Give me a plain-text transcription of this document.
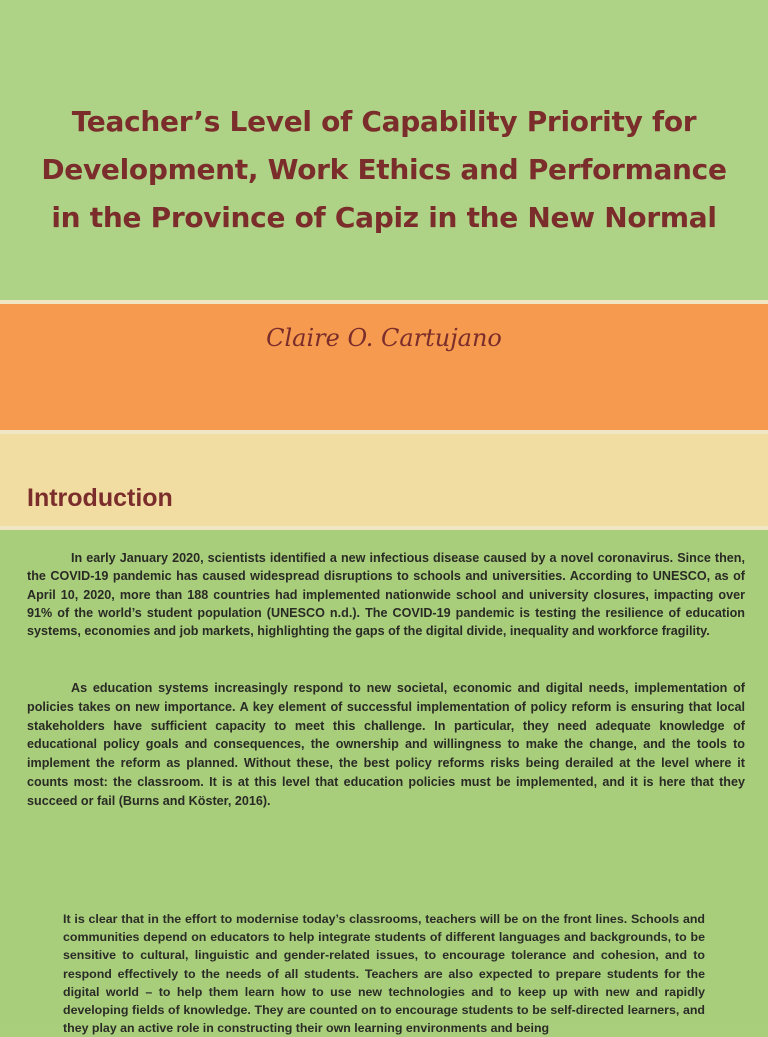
Teacher’s Level of Capability Priority for Development, Work Ethics and Performance in the Province of Capiz in the New Normal
Claire O. Cartujano
Introduction

In early January 2020, scientists identified a new infectious disease caused by a novel coronavirus. Since then, the COVID-19 pandemic has caused widespread disruptions to schools and universities. According to UNESCO, as of April 10, 2020, more than 188 countries had implemented nationwide school and university closures, impacting over 91% of the world’s student population (UNESCO n.d.). The COVID-19 pandemic is testing the resilience of education systems, economies and job markets, highlighting the gaps of the digital divide, inequality and workforce fragility.

As education systems increasingly respond to new societal, economic and digital needs, implementation of policies takes on new importance. A key element of successful implementation of policy reform is ensuring that local stakeholders have sufficient capacity to meet this challenge. In particular, they need adequate knowledge of educational policy goals and consequences, the ownership and willingness to make the change, and the tools to implement the reform as planned. Without these, the best policy reforms risks being derailed at the level where it counts most: the classroom. It is at this level that education policies must be implemented, and it is here that they succeed or fail (Burns and Köster, 2016).

It is clear that in the effort to modernise today’s classrooms, teachers will be on the front lines. Schools and communities depend on educators to help integrate students of different languages and backgrounds, to be sensitive to cultural, linguistic and gender-related issues, to encourage tolerance and cohesion, and to respond effectively to the needs of all students. Teachers are also expected to prepare students for the digital world – to help them learn how to use new technologies and to keep up with new and rapidly developing fields of knowledge. They are counted on to encourage students to be self-directed learners, and they play an active role in constructing their own learning environments and being
